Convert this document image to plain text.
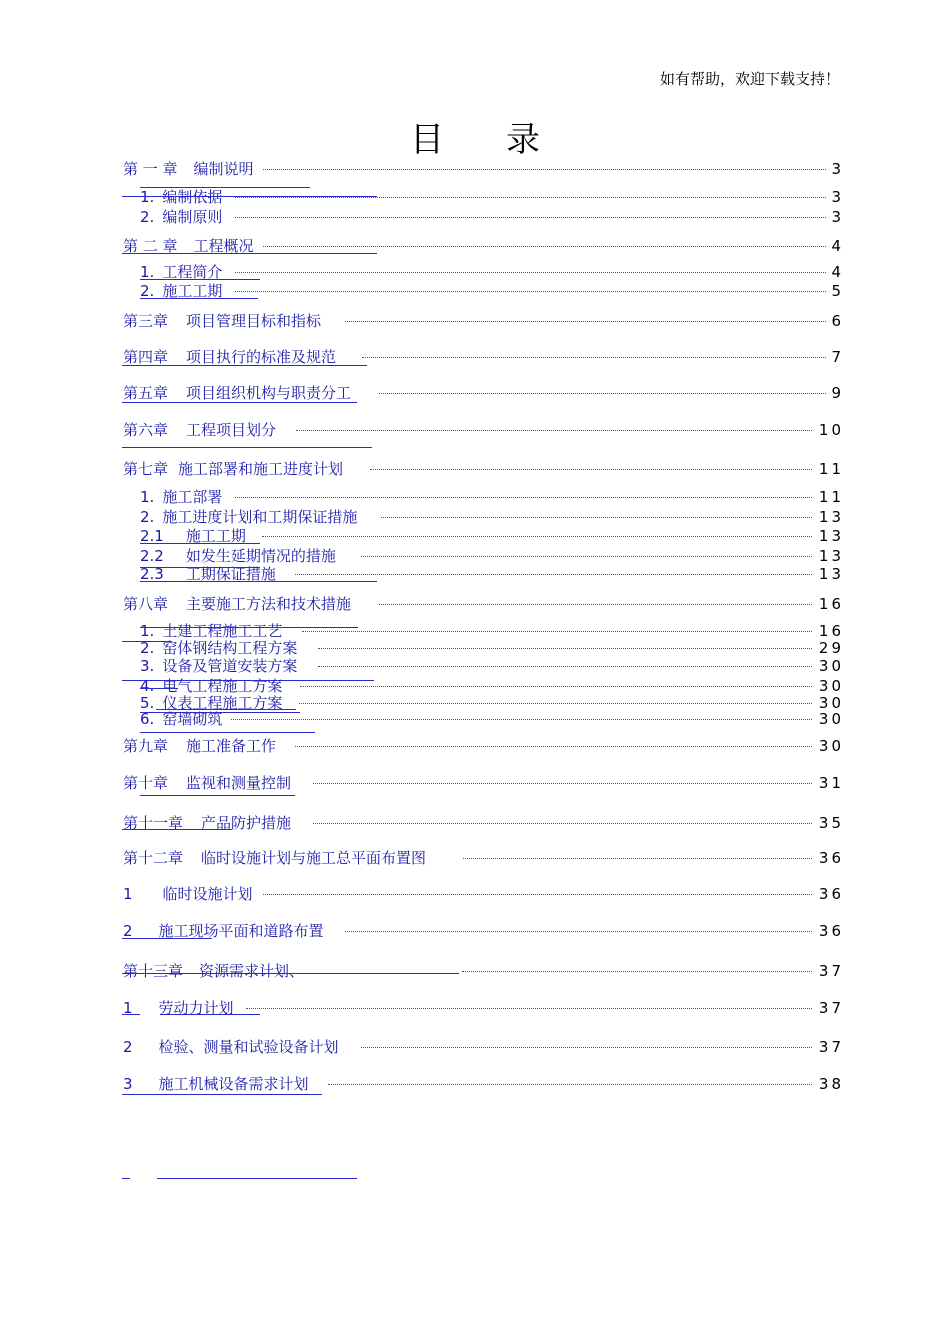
如有帮助，欢迎下载支持！
目录
第 一 章 编制说明	3
1. 编制依据	3
2. 编制原则	3
第 二 章 工程概况	4
1. 工程简介	4
2. 施工工期	5
第三章 项目管理目标和指标	6
第四章 项目执行的标准及规范	7
第五章 项目组织机构与职责分工	9
第六章 工程项目划分	10
第七章 施工部署和施工进度计划	11
1. 施工部署	11
2. 施工进度计划和工期保证措施	13
2.1 施工工期	13
2.2 如发生延期情况的措施	13
2.3 工期保证措施	13
第八章 主要施工方法和技术措施	16
1. 土建工程施工工艺	16
2. 窑体钢结构工程方案	29
3. 设备及管道安装方案	30
4. 电气工程施工方案	30
5. 仪表工程施工方案	30
6. 窑墙砌筑	30
第九章 施工准备工作	30
第十章 监视和测量控制	31
第十一章 产品防护措施	35
第十二章 临时设施计划与施工总平面布置图	36
1 临时设施计划	36
2 施工现场平面和道路布置	36
第十三章 资源需求计划、	37
1 劳动力计划	37
2 检验、测量和试验设备计划	37
3 施工机械设备需求计划	38
